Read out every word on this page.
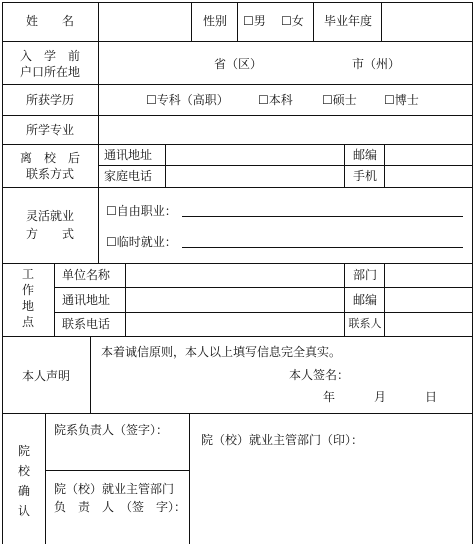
姓　　名	性别	☐男 ☐女	毕业年度
入　学　前
户口所在地
省（区）	市（州）
所获学历	☐专科（高职） ☐本科 ☐硕士 ☐博士
所学专业
离　校　后
联系方式
通讯地址	邮编
家庭电话	手机
灵活就业
方　　式
☐自由职业：
☐临时就业：
工
作
地
点
单位名称	部门
通讯地址	邮编
联系电话	联系人
本人声明
本着诚信原则，本人以上填写信息完全真实。
本人签名：
年	月	日
院
校
确
认
院系负责人（签字）：
院（校）就业主管部门（印）：
院（校）就业主管部门
负　责　人　（签　字）：
